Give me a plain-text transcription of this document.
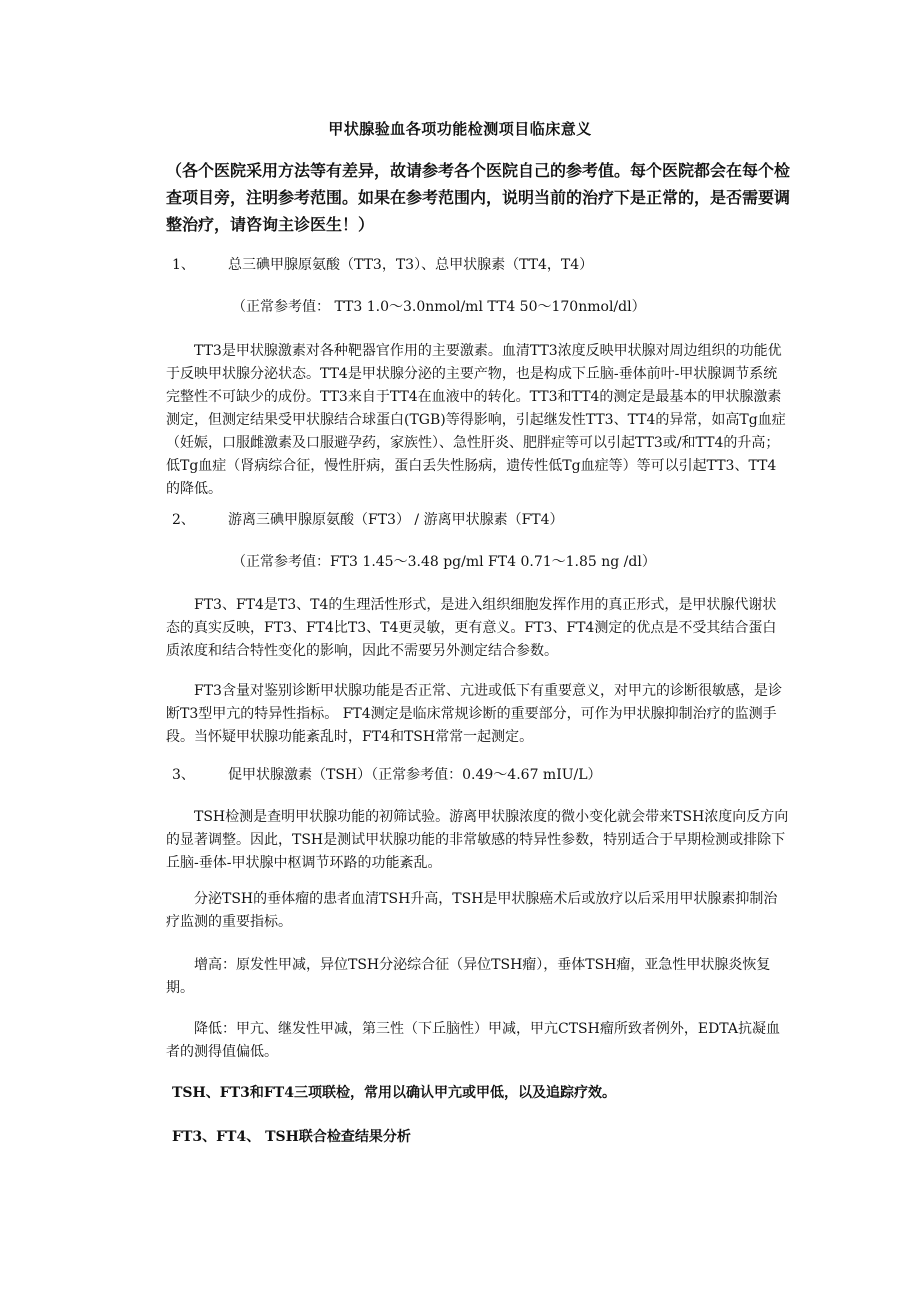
甲状腺验血各项功能检测项目临床意义
（各个医院采用方法等有差异，故请参考各个医院自己的参考值。每个医院都会在每个检查项目旁，注明参考范围。如果在参考范围内，说明当前的治疗下是正常的，是否需要调整治疗，请咨询主诊医生！）
1、 总三碘甲腺原氨酸（TT3，T3）、总甲状腺素（TT4，T4）
（正常参考值： TT3 1.0～3.0nmol/ml TT4 50～170nmol/dl）
TT3是甲状腺激素对各种靶器官作用的主要激素。血清TT3浓度反映甲状腺对周边组织的功能优于反映甲状腺分泌状态。TT4是甲状腺分泌的主要产物，也是构成下丘脑-垂体前叶-甲状腺调节系统完整性不可缺少的成份。TT3来自于TT4在血液中的转化。TT3和TT4的测定是最基本的甲状腺激素测定，但测定结果受甲状腺结合球蛋白(TGB)等得影响，引起继发性TT3、TT4的异常，如高Tg血症（妊娠，口服雌激素及口服避孕药，家族性）、急性肝炎、肥胖症等可以引起TT3或/和TT4的升高；低Tg血症（肾病综合征，慢性肝病，蛋白丢失性肠病，遗传性低Tg血症等）等可以引起TT3、TT4的降低。
2、 游离三碘甲腺原氨酸（FT3） / 游离甲状腺素（FT4）
（正常参考值：FT3 1.45～3.48 pg/ml FT4 0.71～1.85 ng /dl）
FT3、FT4是T3、T4的生理活性形式，是进入组织细胞发挥作用的真正形式，是甲状腺代谢状态的真实反映，FT3、FT4比T3、T4更灵敏，更有意义。FT3、FT4测定的优点是不受其结合蛋白质浓度和结合特性变化的影响，因此不需要另外测定结合参数。
FT3含量对鉴别诊断甲状腺功能是否正常、亢进或低下有重要意义，对甲亢的诊断很敏感，是诊断T3型甲亢的特异性指标。 FT4测定是临床常规诊断的重要部分，可作为甲状腺抑制治疗的监测手段。当怀疑甲状腺功能紊乱时，FT4和TSH常常一起测定。
3、 促甲状腺激素（TSH）（正常参考值：0.49～4.67 mIU/L）
TSH检测是查明甲状腺功能的初筛试验。游离甲状腺浓度的微小变化就会带来TSH浓度向反方向的显著调整。因此，TSH是测试甲状腺功能的非常敏感的特异性参数，特别适合于早期检测或排除下丘脑-垂体-甲状腺中枢调节环路的功能紊乱。
分泌TSH的垂体瘤的患者血清TSH升高，TSH是甲状腺癌术后或放疗以后采用甲状腺素抑制治疗监测的重要指标。
增高：原发性甲减，异位TSH分泌综合征（异位TSH瘤），垂体TSH瘤，亚急性甲状腺炎恢复期。
降低：甲亢、继发性甲减，第三性（下丘脑性）甲减，甲亢CTSH瘤所致者例外，EDTA抗凝血者的测得值偏低。
TSH、FT3和FT4三项联检，常用以确认甲亢或甲低，以及追踪疗效。
FT3、FT4、 TSH联合检查结果分析
